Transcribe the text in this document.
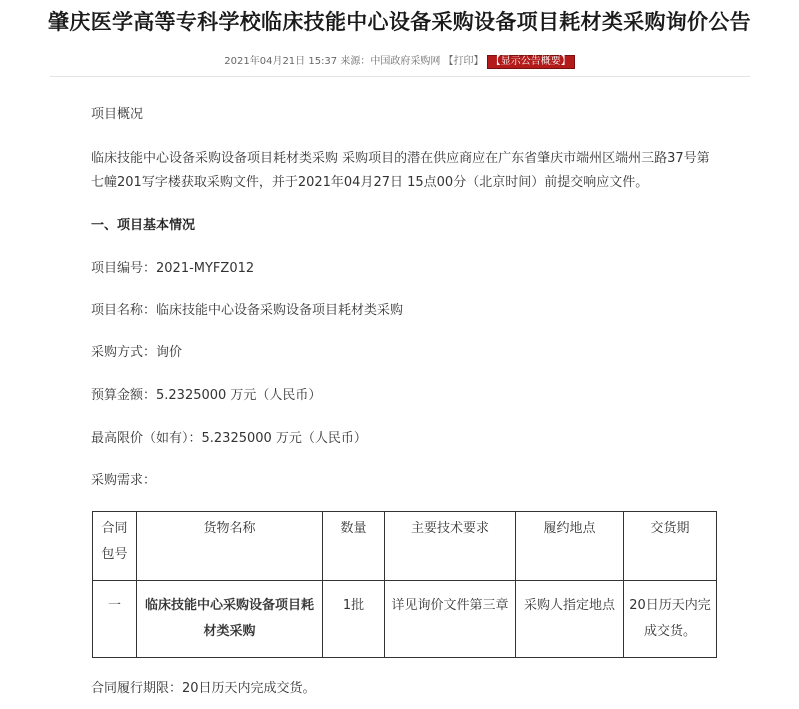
肇庆医学高等专科学校临床技能中心设备采购设备项目耗材类采购询价公告
2021年04月21日 15:37 来源：中国政府采购网 【打印】 【显示公告概要】
项目概况
临床技能中心设备采购设备项目耗材类采购 采购项目的潜在供应商应在广东省肇庆市端州区端州三路37号第七幢201写字楼获取采购文件，并于2021年04月27日 15点00分（北京时间）前提交响应文件。
一、项目基本情况
项目编号：2021-MYFZ012
项目名称：临床技能中心设备采购设备项目耗材类采购
采购方式：询价
预算金额：5.2325000 万元（人民币）
最高限价（如有）：5.2325000 万元（人民币）
采购需求：
合同包号	货物名称	数量	主要技术要求	履约地点	交货期
一	临床技能中心采购设备项目耗材类采购	1批	详见询价文件第三章	采购人指定地点	20日历天内完成交货。
合同履行期限：20日历天内完成交货。
